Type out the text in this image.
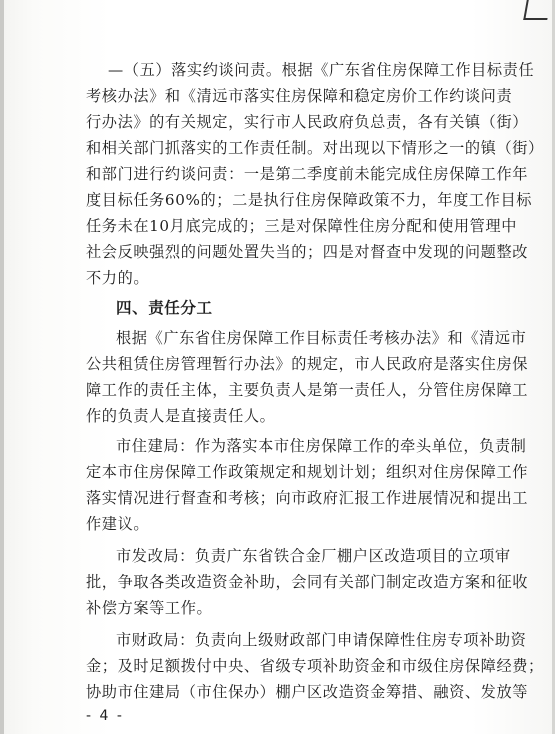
—（五）落实约谈问责。根据《广东省住房保障工作目标责任
考核办法》和《清远市落实住房保障和稳定房价工作约谈问责
行办法》的有关规定，实行市人民政府负总责，各有关镇（街）
和相关部门抓落实的工作责任制。对出现以下情形之一的镇（街）
和部门进行约谈问责：一是第二季度前未能完成住房保障工作年
度目标任务60%的；二是执行住房保障政策不力，年度工作目标
任务未在10月底完成的；三是对保障性住房分配和使用管理中
社会反映强烈的问题处置失当的；四是对督查中发现的问题整改
不力的。
四、责任分工
根据《广东省住房保障工作目标责任考核办法》和《清远市
公共租赁住房管理暂行办法》的规定，市人民政府是落实住房保
障工作的责任主体，主要负责人是第一责任人，分管住房保障工
作的负责人是直接责任人。
市住建局：作为落实本市住房保障工作的牵头单位，负责制
定本市住房保障工作政策规定和规划计划；组织对住房保障工作
落实情况进行督查和考核；向市政府汇报工作进展情况和提出工
作建议。
市发改局：负责广东省铁合金厂棚户区改造项目的立项审
批，争取各类改造资金补助，会同有关部门制定改造方案和征收
补偿方案等工作。
市财政局：负责向上级财政部门申请保障性住房专项补助资
金；及时足额拨付中央、省级专项补助资金和市级住房保障经费；
协助市住建局（市住保办）棚户区改造资金筹措、融资、发放等
- 4 -
